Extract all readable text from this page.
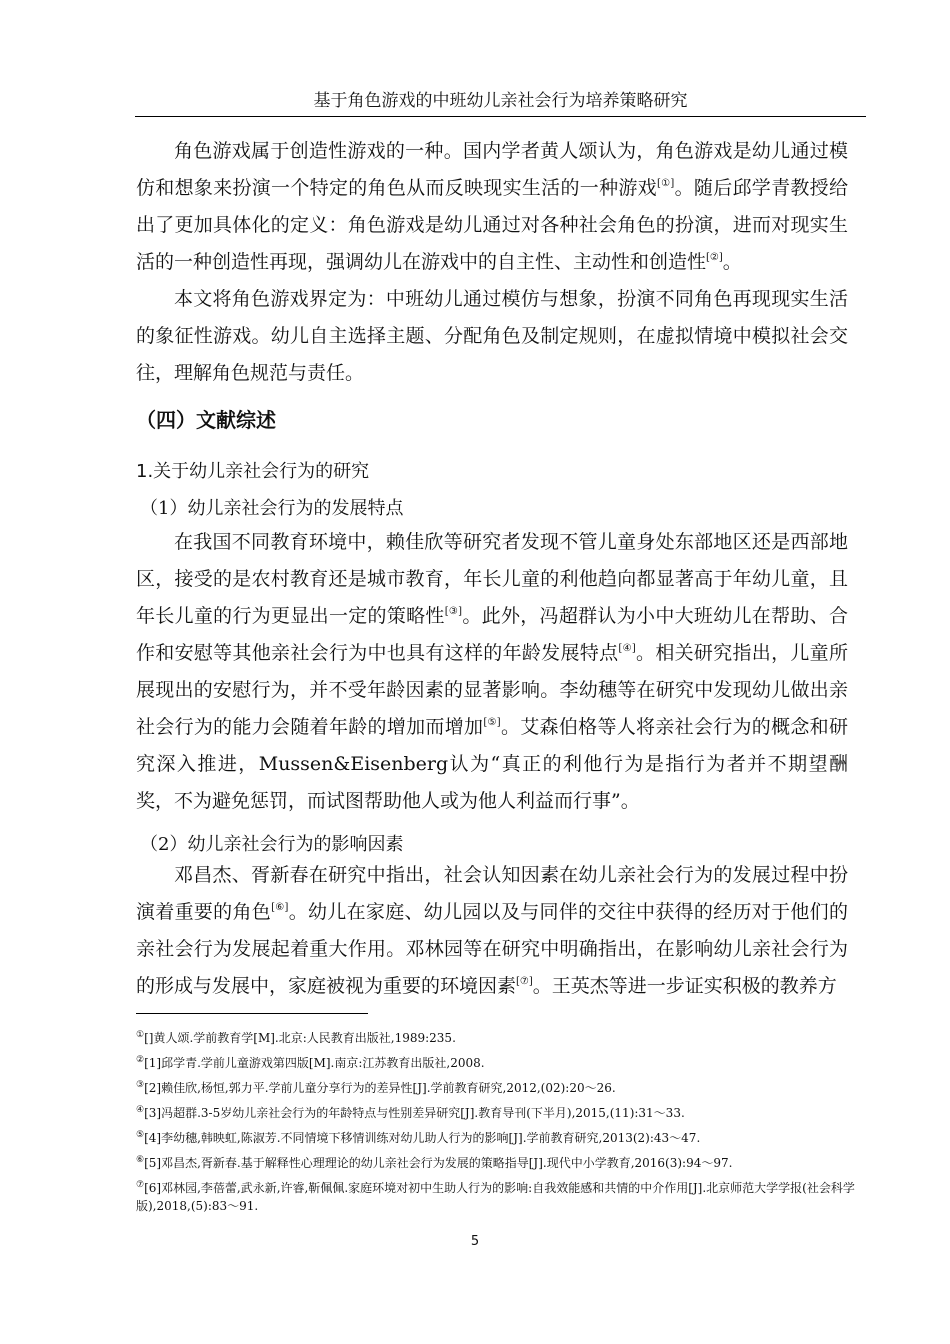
基于角色游戏的中班幼儿亲社会行为培养策略研究

角色游戏属于创造性游戏的一种。国内学者黄人颂认为，角色游戏是幼儿通过模仿和想象来扮演一个特定的角色从而反映现实生活的一种游戏[①]。随后邱学青教授给出了更加具体化的定义：角色游戏是幼儿通过对各种社会角色的扮演，进而对现实生活的一种创造性再现，强调幼儿在游戏中的自主性、主动性和创造性[②]。

本文将角色游戏界定为：中班幼儿通过模仿与想象，扮演不同角色再现现实生活的象征性游戏。幼儿自主选择主题、分配角色及制定规则，在虚拟情境中模拟社会交往，理解角色规范与责任。

（四）文献综述
1.关于幼儿亲社会行为的研究
（1）幼儿亲社会行为的发展特点

在我国不同教育环境中，赖佳欣等研究者发现不管儿童身处东部地区还是西部地区，接受的是农村教育还是城市教育，年长儿童的利他趋向都显著高于年幼儿童，且年长儿童的行为更显出一定的策略性[③]。此外，冯超群认为小中大班幼儿在帮助、合作和安慰等其他亲社会行为中也具有这样的年龄发展特点[④]。相关研究指出，儿童所展现出的安慰行为，并不受年龄因素的显著影响。李幼穗等在研究中发现幼儿做出亲社会行为的能力会随着年龄的增加而增加[⑤]。艾森伯格等人将亲社会行为的概念和研究深入推进，Mussen&Eisenberg认为“真正的利他行为是指行为者并不期望酬奖，不为避免惩罚，而试图帮助他人或为他人利益而行事”。

（2）幼儿亲社会行为的影响因素

邓昌杰、胥新春在研究中指出，社会认知因素在幼儿亲社会行为的发展过程中扮演着重要的角色[⑥]。幼儿在家庭、幼儿园以及与同伴的交往中获得的经历对于他们的亲社会行为发展起着重大作用。邓林园等在研究中明确指出，在影响幼儿亲社会行为的形成与发展中，家庭被视为重要的环境因素[⑦]。王英杰等进一步证实积极的教养方

①[]黄人颂.学前教育学[M].北京:人民教育出版社,1989:235.

②[1]邱学青.学前儿童游戏第四版[M].南京:江苏教育出版社,2008.

③[2]赖佳欣,杨恒,郭力平.学前儿童分享行为的差异性[J].学前教育研究,2012,(02):20～26.

④[3]冯超群.3-5岁幼儿亲社会行为的年龄特点与性别差异研究[J].教育导刊(下半月),2015,(11):31～33.

⑤[4]李幼穗,韩映虹,陈淑芳.不同情境下移情训练对幼儿助人行为的影响[J].学前教育研究,2013(2):43～47.

⑥[5]邓昌杰,胥新春.基于解释性心理理论的幼儿亲社会行为发展的策略指导[J].现代中小学教育,2016(3):94～97.

⑦[6]邓林园,李蓓蕾,武永新,许睿,靳佩佩.家庭环境对初中生助人行为的影响:自我效能感和共情的中介作用[J].北京师范大学学报(社会科学版),2018,(5):83～91.

5
